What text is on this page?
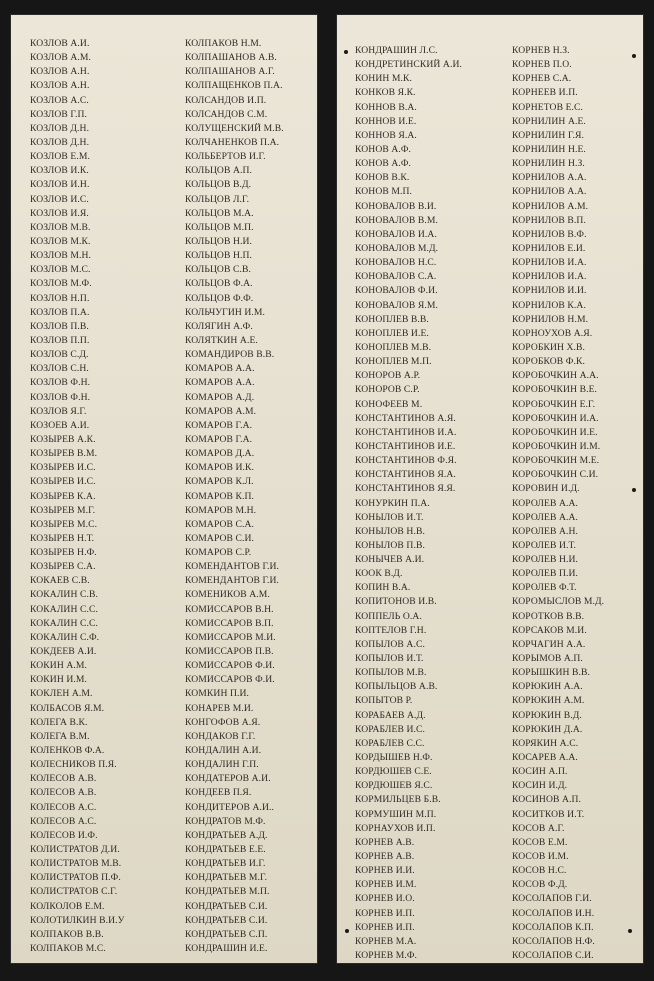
КОЗЛОВ А.И.
КОЗЛОВ А.М.
КОЗЛОВ А.Н.
КОЗЛОВ А.Н.
КОЗЛОВ А.С.
КОЗЛОВ Г.П.
КОЗЛОВ Д.Н.
КОЗЛОВ Д.Н.
КОЗЛОВ Е.М.
КОЗЛОВ И.К.
КОЗЛОВ И.Н.
КОЗЛОВ И.С.
КОЗЛОВ И.Я.
КОЗЛОВ М.В.
КОЗЛОВ М.К.
КОЗЛОВ М.Н.
КОЗЛОВ М.С.
КОЗЛОВ М.Ф.
КОЗЛОВ Н.П.
КОЗЛОВ П.А.
КОЗЛОВ П.В.
КОЗЛОВ П.П.
КОЗЛОВ С.Д.
КОЗЛОВ С.Н.
КОЗЛОВ Ф.Н.
КОЗЛОВ Ф.Н.
КОЗЛОВ Я.Г.
КОЗОЕВ А.И.
КОЗЫРЕВ А.К.
КОЗЫРЕВ В.М.
КОЗЫРЕВ И.С.
КОЗЫРЕВ И.С.
КОЗЫРЕВ К.А.
КОЗЫРЕВ М.Г.
КОЗЫРЕВ М.С.
КОЗЫРЕВ Н.Т.
КОЗЫРЕВ Н.Ф.
КОЗЫРЕВ С.А.
КОКАЕВ С.В.
КОКАЛИН С.В.
КОКАЛИН С.С.
КОКАЛИН С.С.
КОКАЛИН С.Ф.
КОКДЕЕВ А.И.
КОКИН А.М.
КОКИН И.М.
КОКЛЕН А.М.
КОЛБАСОВ Я.М.
КОЛЕГА В.К.
КОЛЕГА В.М.
КОЛЕНКОВ Ф.А.
КОЛЕСНИКОВ П.Я.
КОЛЕСОВ А.В.
КОЛЕСОВ А.В.
КОЛЕСОВ А.С.
КОЛЕСОВ А.С.
КОЛЕСОВ И.Ф.
КОЛИСТРАТОВ Д.И.
КОЛИСТРАТОВ М.В.
КОЛИСТРАТОВ П.Ф.
КОЛИСТРАТОВ С.Г.
КОЛКОЛОВ Е.М.
КОЛОТИЛКИН В.И.У
КОЛПАКОВ В.В.
КОЛПАКОВ М.С.
КОЛПАКОВ Н.М.
КОЛПАШАНОВ А.В.
КОЛПАШАНОВ А.Г.
КОЛПАЩЕНКОВ П.А.
КОЛСАНДОВ И.П.
КОЛСАНДОВ С.М.
КОЛУЩЕНСКИЙ М.В.
КОЛЧАНЕНКОВ П.А.
КОЛЬБЕРТОВ И.Г.
КОЛЬЦОВ А.П.
КОЛЬЦОВ В.Д.
КОЛЬЦОВ Л.Г.
КОЛЬЦОВ М.А.
КОЛЬЦОВ М.П.
КОЛЬЦОВ Н.И.
КОЛЬЦОВ Н.П.
КОЛЬЦОВ С.В.
КОЛЬЦОВ Ф.А.
КОЛЬЦОВ Ф.Ф.
КОЛЬЧУГИН И.М.
КОЛЯГИН А.Ф.
КОЛЯТКИН А.Е.
КОМАНДИРОВ В.В.
КОМАРОВ А.А.
КОМАРОВ А.А.
КОМАРОВ А.Д.
КОМАРОВ А.М.
КОМАРОВ Г.А.
КОМАРОВ Г.А.
КОМАРОВ Д.А.
КОМАРОВ И.К.
КОМАРОВ К.Л.
КОМАРОВ К.П.
КОМАРОВ М.Н.
КОМАРОВ С.А.
КОМАРОВ С.И.
КОМАРОВ С.Р.
КОМЕНДАНТОВ Г.И.
КОМЕНДАНТОВ Г.И.
КОМЕНИКОВ А.М.
КОМИССАРОВ В.Н.
КОМИССАРОВ В.П.
КОМИССАРОВ М.И.
КОМИССАРОВ П.В.
КОМИССАРОВ Ф.И.
КОМИССАРОВ Ф.И.
КОМКИН П.И.
КОНАРЕВ М.И.
КОНГОФОВ А.Я.
КОНДАКОВ Г.Г.
КОНДАЛИН А.И.
КОНДАЛИН Г.П.
КОНДАТЕРОВ А.И.
КОНДЕЕВ П.Я.
КОНДИТЕРОВ А.И..
КОНДРАТОВ М.Ф.
КОНДРАТЬЕВ А.Д.
КОНДРАТЬЕВ Е.Е.
КОНДРАТЬЕВ И.Г.
КОНДРАТЬЕВ М.Г.
КОНДРАТЬЕВ М.П.
КОНДРАТЬЕВ С.И.
КОНДРАТЬЕВ С.И.
КОНДРАТЬЕВ С.П.
КОНДРАШИН И.Е.
КОНДРАШИН Л.С.
КОНДРЕТИНСКИЙ А.И.
КОНИН М.К.
КОНКОВ Я.К.
КОННОВ В.А.
КОННОВ И.Е.
КОННОВ Я.А.
КОНОВ А.Ф.
КОНОВ А.Ф.
КОНОВ В.К.
КОНОВ М.П.
КОНОВАЛОВ В.И.
КОНОВАЛОВ В.М.
КОНОВАЛОВ И.А.
КОНОВАЛОВ М.Д.
КОНОВАЛОВ Н.С.
КОНОВАЛОВ С.А.
КОНОВАЛОВ Ф.И.
КОНОВАЛОВ Я.М.
КОНОПЛЕВ В.В.
КОНОПЛЕВ И.Е.
КОНОПЛЕВ М.В.
КОНОПЛЕВ М.П.
КОНОРОВ А.Р.
КОНОРОВ С.Р.
КОНОФЕЕВ М.
КОНСТАНТИНОВ А.Я.
КОНСТАНТИНОВ И.А.
КОНСТАНТИНОВ И.Е.
КОНСТАНТИНОВ Ф.Я.
КОНСТАНТИНОВ Я.А.
КОНСТАНТИНОВ Я.Я.
КОНУРКИН П.А.
КОНЫЛОВ И.Т.
КОНЫЛОВ Н.В.
КОНЫЛОВ П.В.
КОНЫЧЕВ А.И.
КООК В.Д.
КОПИН В.А.
КОПИТОНОВ И.В.
КОППЕЛЬ О.А.
КОПТЕЛОВ Г.Н.
КОПЫЛОВ А.С.
КОПЫЛОВ И.Т.
КОПЫЛОВ М.В.
КОПЫЛЬЦОВ А.В.
КОПЫТОВ Р.
КОРАБАЕВ А.Д.
КОРАБЛЕВ И.С.
КОРАБЛЕВ С.С.
КОРДЫШЕВ Н.Ф.
КОРДЮШЕВ С.Е.
КОРДЮШЕВ Я.С.
КОРМИЛЬЦЕВ Б.В.
КОРМУШИН М.П.
КОРНАУХОВ И.П.
КОРНЕВ А.В.
КОРНЕВ А.В.
КОРНЕВ И.И.
КОРНЕВ И.М.
КОРНЕВ И.О.
КОРНЕВ И.П.
КОРНЕВ И.П.
КОРНЕВ М.А.
КОРНЕВ М.Ф.
КОРНЕВ Н.З.
КОРНЕВ П.О.
КОРНЕВ С.А.
КОРНЕЕВ И.П.
КОРНЕТОВ Е.С.
КОРНИЛИН А.Е.
КОРНИЛИН Г.Я.
КОРНИЛИН Н.Е.
КОРНИЛИН Н.З.
КОРНИЛОВ А.А.
КОРНИЛОВ А.А.
КОРНИЛОВ А.М.
КОРНИЛОВ В.П.
КОРНИЛОВ В.Ф.
КОРНИЛОВ Е.И.
КОРНИЛОВ И.А.
КОРНИЛОВ И.А.
КОРНИЛОВ И.И.
КОРНИЛОВ К.А.
КОРНИЛОВ Н.М.
КОРНОУХОВ А.Я.
КОРОБКИН Х.В.
КОРОБКОВ Ф.К.
КОРОБОЧКИН А.А.
КОРОБОЧКИН В.Е.
КОРОБОЧКИН Е.Г.
КОРОБОЧКИН И.А.
КОРОБОЧКИН И.Е.
КОРОБОЧКИН И.М.
КОРОБОЧКИН М.Е.
КОРОБОЧКИН С.И.
КОРОВИН И.Д.
КОРОЛЕВ А.А.
КОРОЛЕВ А.А.
КОРОЛЕВ А.Н.
КОРОЛЕВ И.Т.
КОРОЛЕВ Н.И.
КОРОЛЕВ П.И.
КОРОЛЕВ Ф.Т.
КОРОМЫСЛОВ М.Д.
КОРОТКОВ В.В.
КОРСАКОВ М.И.
КОРЧАГИН А.А.
КОРЫМОВ А.П.
КОРЫШКИН В.В.
КОРЮКИН А.А.
КОРЮКИН А.М.
КОРЮКИН В.Д.
КОРЮКИН Д.А.
КОРЯКИН А.С.
КОСАРЕВ А.А.
КОСИН А.П.
КОСИН И.Д.
КОСИНОВ А.П.
КОСИТКОВ И.Т.
КОСОВ А.Г.
КОСОВ Е.М.
КОСОВ И.М.
КОСОВ Н.С.
КОСОВ Ф.Д.
КОСОЛАПОВ Г.И.
КОСОЛАПОВ И.Н.
КОСОЛАПОВ К.П.
КОСОЛАПОВ Н.Ф.
КОСОЛАПОВ С.И.
